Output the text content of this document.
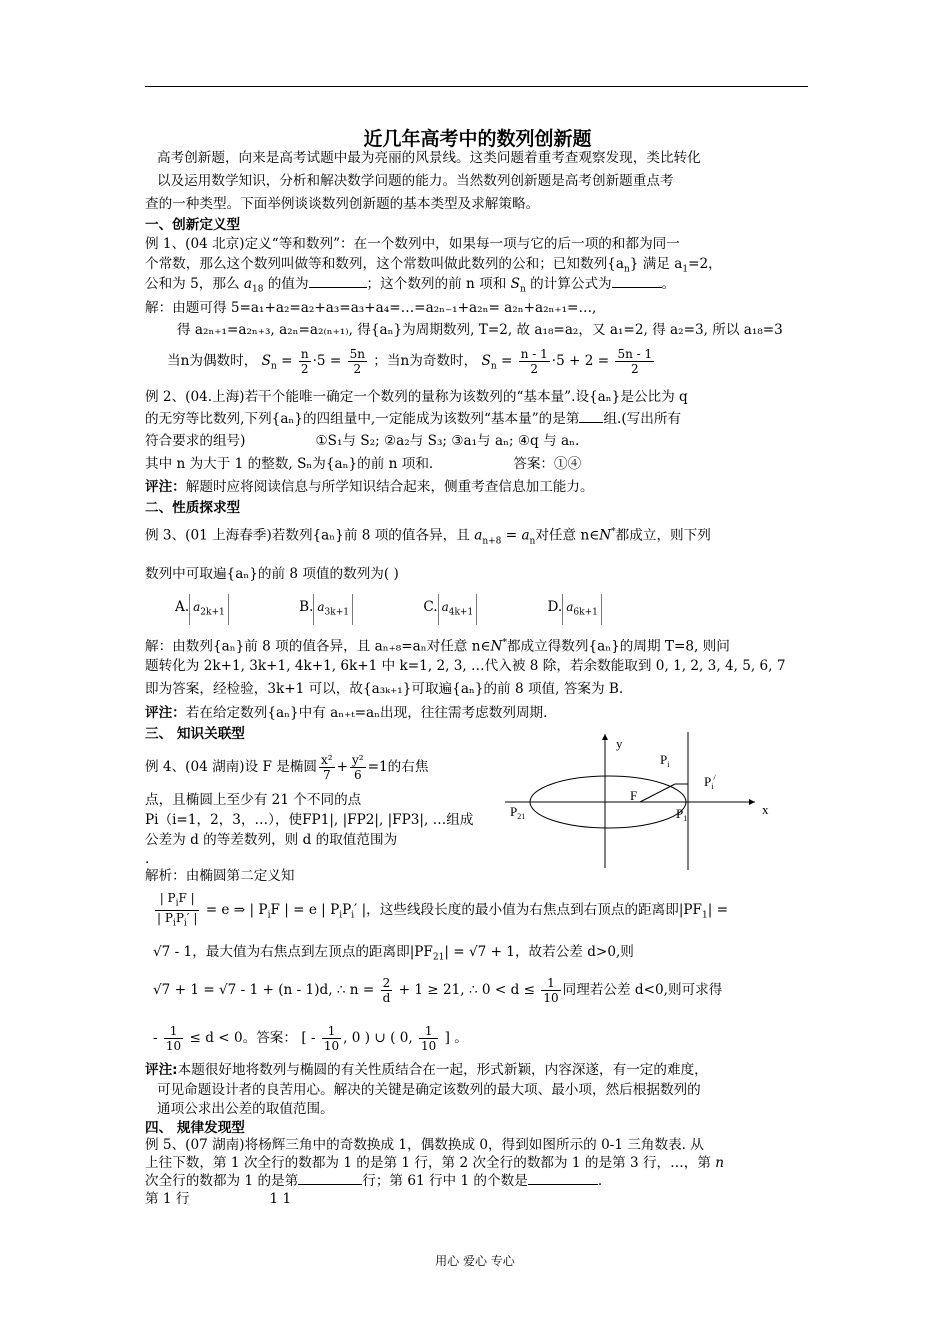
近几年高考中的数列创新题
高考创新题，向来是高考试题中最为亮丽的风景线。这类问题着重考查观察发现，类比转化
以及运用数学知识，分析和解决数学问题的能力。当然数列创新题是高考创新题重点考
查的一种类型。下面举例谈谈数列创新题的基本类型及求解策略。
一、创新定义型
例 1、(04 北京)定义“等和数列”：在一个数列中，如果每一项与它的后一项的和都为同一
个常数，那么这个数列叫做等和数列，这个常数叫做此数列的公和；已知数列$\{a_n\}$ 满足 $a_1=2$，
公和为 5，那么 $a_{18}$ 的值为	；这个数列的前 n 项和 $S_n$ 的计算公式为	。
解：由题可得 5=a₁+a₂=a₂+a₃=a₃+a₄=…=a₂ₙ₋₁+a₂ₙ= a₂ₙ+a₂ₙ₊₁=…,
得 a₂ₙ₊₁=a₂ₙ₊₃, a₂ₙ=a₂₍ₙ₊₁₎, 得{aₙ}为周期数列, T=2, 故 a₁₈=a₂，又 a₁=2, 得 a₂=3, 所以 a₁₈=3
当n为偶数时， $S_n = \frac{n}{2} \cdot 5 = \frac{5n}{2}$ ；当n为奇数时， $S_n = \frac{n - 1}{2} \cdot 5 + 2 = \frac{5n - 1}{2}$
例 2、(04.上海)若干个能唯一确定一个数列的量称为该数列的“基本量”.设{aₙ}是公比为 q
的无穷等比数列,下列{aₙ}的四组量中,一定能成为该数列“基本量”的是第 组.(写出所有
符合要求的组号)	①S₁与 S₂; ②a₂与 S₃; ③a₁与 aₙ; ④q 与 aₙ.
其中 n 为大于 1 的整数, Sₙ为{aₙ}的前 n 项和.	答案：①④
评注：解题时应将阅读信息与所学知识结合起来，侧重考查信息加工能力。
二、性质探求型
例 3、(01 上海春季)若数列{aₙ}前 8 项的值各异，且 $a_{n+8} = a_n$对任意 n∈N*都成立，则下列
数列中可取遍{aₙ}的前 8 项值的数列为( )
A. $a_{2k+1}$	B. $a_{3k+1}$	C. $a_{4k+1}$	D. $a_{6k+1}$
解：由数列{aₙ}前 8 项的值各异，且 aₙ₊₈=aₙ对任意 n∈N*都成立得数列{aₙ}的周期 T=8, 则问
题转化为 2k+1, 3k+1, 4k+1, 6k+1 中 k=1, 2, 3, …代入被 8 除，若余数能取到 0, 1, 2, 3, 4, 5, 6, 7
即为答案，经检验，3k+1 可以，故{a₃ₖ₊₁}可取遍{aₙ}的前 8 项值, 答案为 B.
评注：若在给定数列{aₙ}中有 aₙ₊ₜ=aₙ出现，往往需考虑数列周期.
三、 知识关联型
例 4、(04 湖南)设 F 是椭圆 $\frac{\text{x²}}{7} + \frac{\text{y²}}{6} =1$的右焦
点，且椭圆上至少有 21 个不同的点
Pi（i=1，2，3，…），使FP1|, |FP2|, |FP3|, …组成
公差为 d 的等差数列，则 d 的取值范围为
.
解析：由椭圆第二定义知
$\frac{| P_iF |}{| P_iP_i' |} = e$ ⇒ | $P_iF$ | = e | $P_iP_i'$ |，这些线段长度的最小值为右焦点到右顶点的距离即$|PF_1|$ =
√7 - 1，最大值为右焦点到左顶点的距离即$|PF_{21}| = √7 + 1$，故若公差 d>0,则
√7 + 1 = √7 - 1 + (n - 1)d, ∴ $n = \frac{2}{d} + 1 \ge 21$, ∴ $0 < d \le \frac{1}{10}$ 同理若公差 d<0,则可求得
- $\frac{1}{10} \le d < 0$。答案： [ - $\frac{1}{10}$ , 0 ) ∪ ( 0, $\frac{1}{10}$ ] 。
评注:本题很好地将数列与椭圆的有关性质结合在一起，形式新颖，内容深遂，有一定的难度，
可见命题设计者的良苦用心。解决的关键是确定该数列的最大项、最小项，然后根据数列的
通项公求出公差的取值范围。
四、 规律发现型
例 5、(07 湖南)将杨辉三角中的奇数换成 1，偶数换成 0，得到如图所示的 0-1 三角数表. 从
上往下数，第 1 次全行的数都为 1 的是第 1 行，第 2 次全行的数都为 1 的是第 3 行，…，第 n
次全行的数都为 1 的是第	行；第 61 行中 1 的个数是	.
第 1 行	1 1
y
x
$P_i$
$P_i^/$
F
$P_{21}$	$P_1$
用心 爱心 专心
